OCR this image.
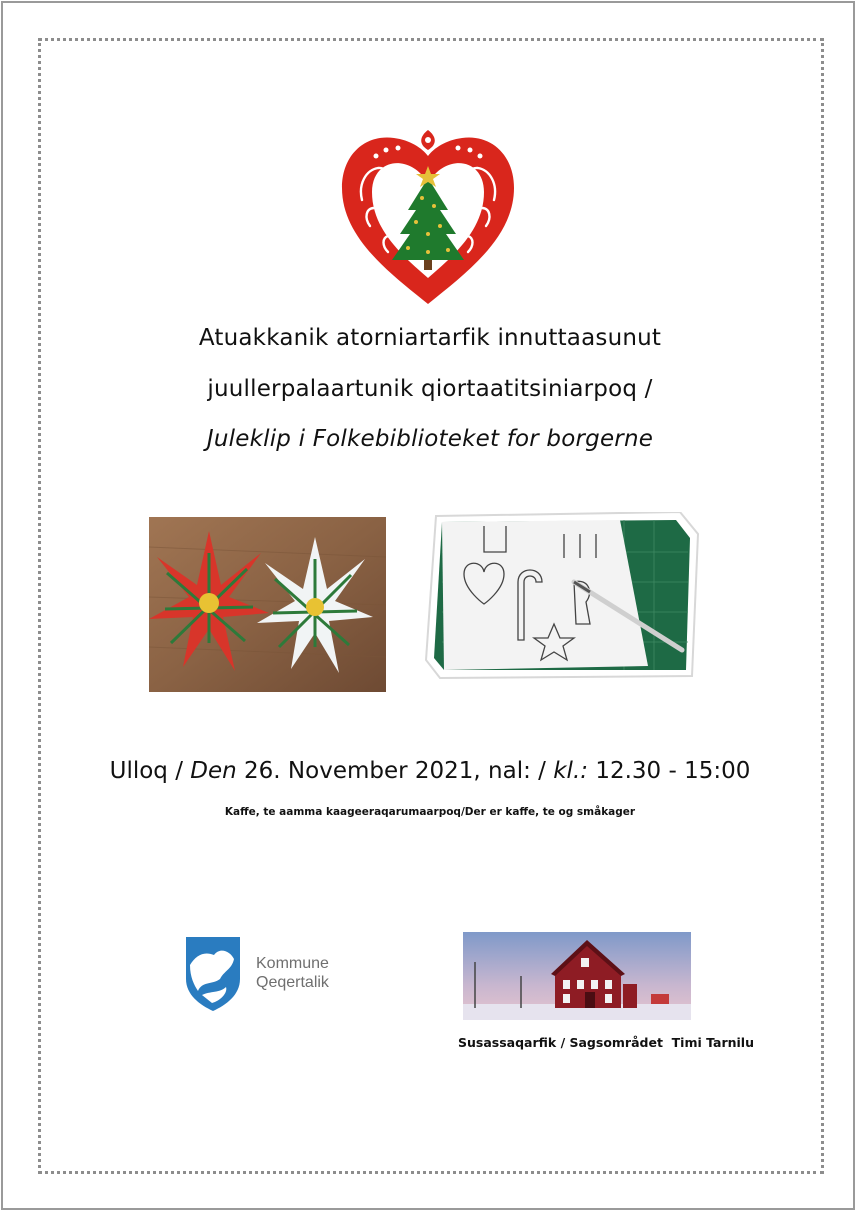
Atuakkanik atorniartarfik innuttaasunut
juullerpalaartunik qiortaatitsiniarpoq /
Juleklip i Folkebiblioteket for borgerne
Ulloq / Den 26. November 2021, nal: / kl.: 12.30 - 15:00
Kaffe, te aamma kaageeraqarumaarpoq/Der er kaffe, te og småkager
Kommune
Qeqertalik
Susassaqarfik / Sagsområdet  Timi Tarnilu
